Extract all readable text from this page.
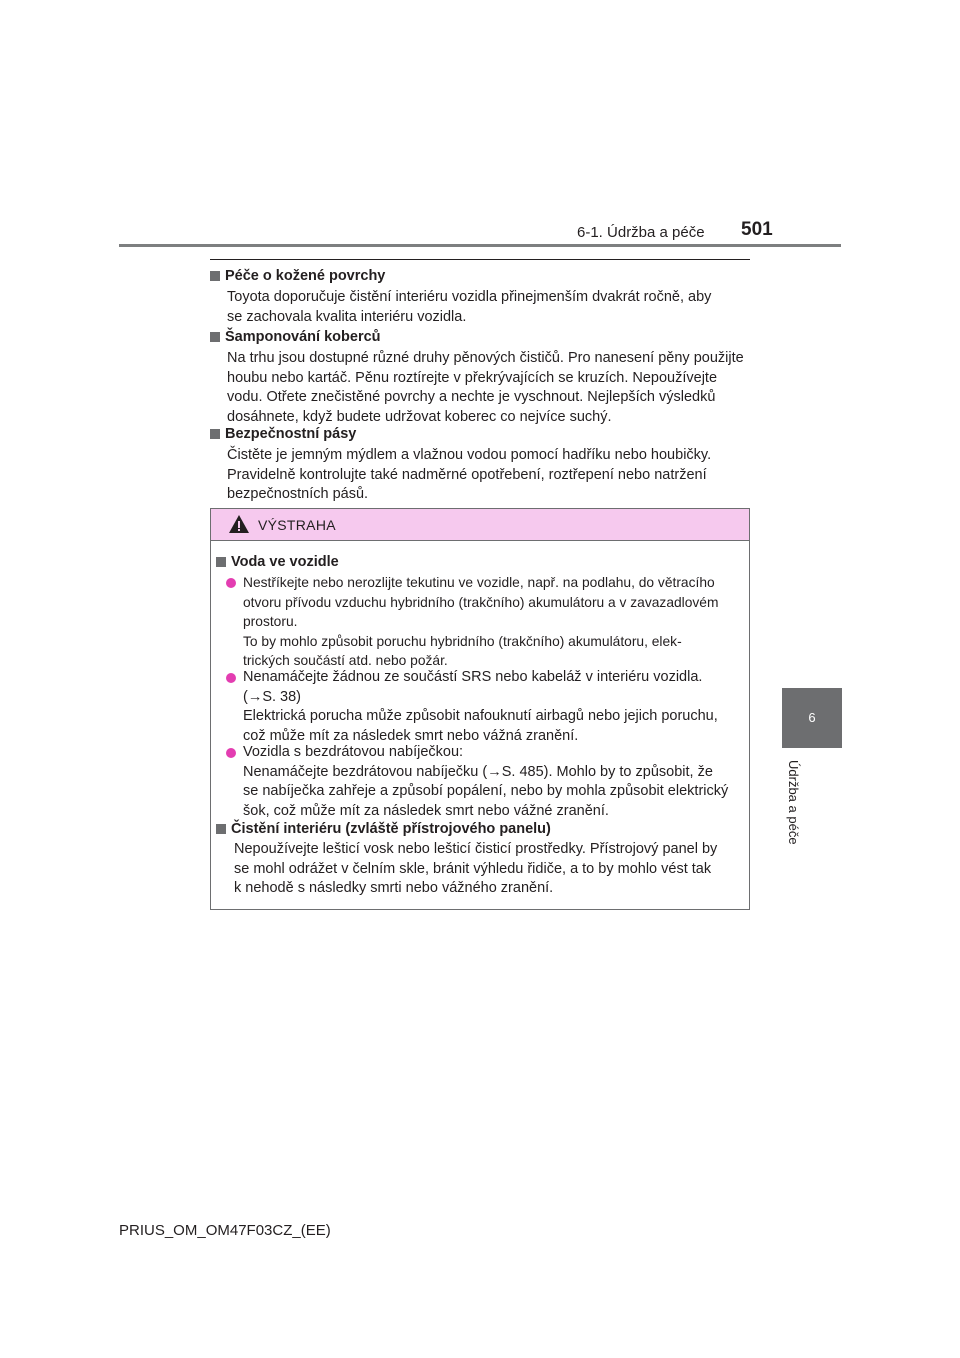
6-1. Údržba a péče 501
6
Údržba a péče
Péče o kožené povrchy
Toyota doporučuje čistění interiéru vozidla přinejmenším dvakrát ročně, aby
se zachovala kvalita interiéru vozidla.
Šamponování koberců
Na trhu jsou dostupné různé druhy pěnových čističů. Pro nanesení pěny použijte
houbu nebo kartáč. Pěnu roztírejte v překrývajících se kruzích. Nepoužívejte
vodu. Otřete znečistěné povrchy a nechte je vyschnout. Nejlepších výsledků
dosáhnete, když budete udržovat koberec co nejvíce suchý.
Bezpečnostní pásy
Čistěte je jemným mýdlem a vlažnou vodou pomocí hadříku nebo houbičky.
Pravidelně kontrolujte také nadměrné opotřebení, roztřepení nebo natržení
bezpečnostních pásů.
VÝSTRAHA
Voda ve vozidle
Nestříkejte nebo nerozlijte tekutinu ve vozidle, např. na podlahu, do větracího
otvoru přívodu vzduchu hybridního (trakčního) akumulátoru a v zavazadlovém
prostoru.
To by mohlo způsobit poruchu hybridního (trakčního) akumulátoru, elek-
trických součástí atd. nebo požár.
Nenamáčejte žádnou ze součástí SRS nebo kabeláž v interiéru vozidla.
(→S. 38)
Elektrická porucha může způsobit nafouknutí airbagů nebo jejich poruchu,
což může mít za následek smrt nebo vážná zranění.
Vozidla s bezdrátovou nabíječkou:
Nenamáčejte bezdrátovou nabíječku (→S. 485). Mohlo by to způsobit, že
se nabíječka zahřeje a způsobí popálení, nebo by mohla způsobit elektrický
šok, což může mít za následek smrt nebo vážné zranění.
Čistění interiéru (zvláště přístrojového panelu)
Nepoužívejte lešticí vosk nebo lešticí čisticí prostředky. Přístrojový panel by
se mohl odrážet v čelním skle, bránit výhledu řidiče, a to by mohlo vést tak
k nehodě s následky smrti nebo vážného zranění.
PRIUS_OM_OM47F03CZ_(EE)
